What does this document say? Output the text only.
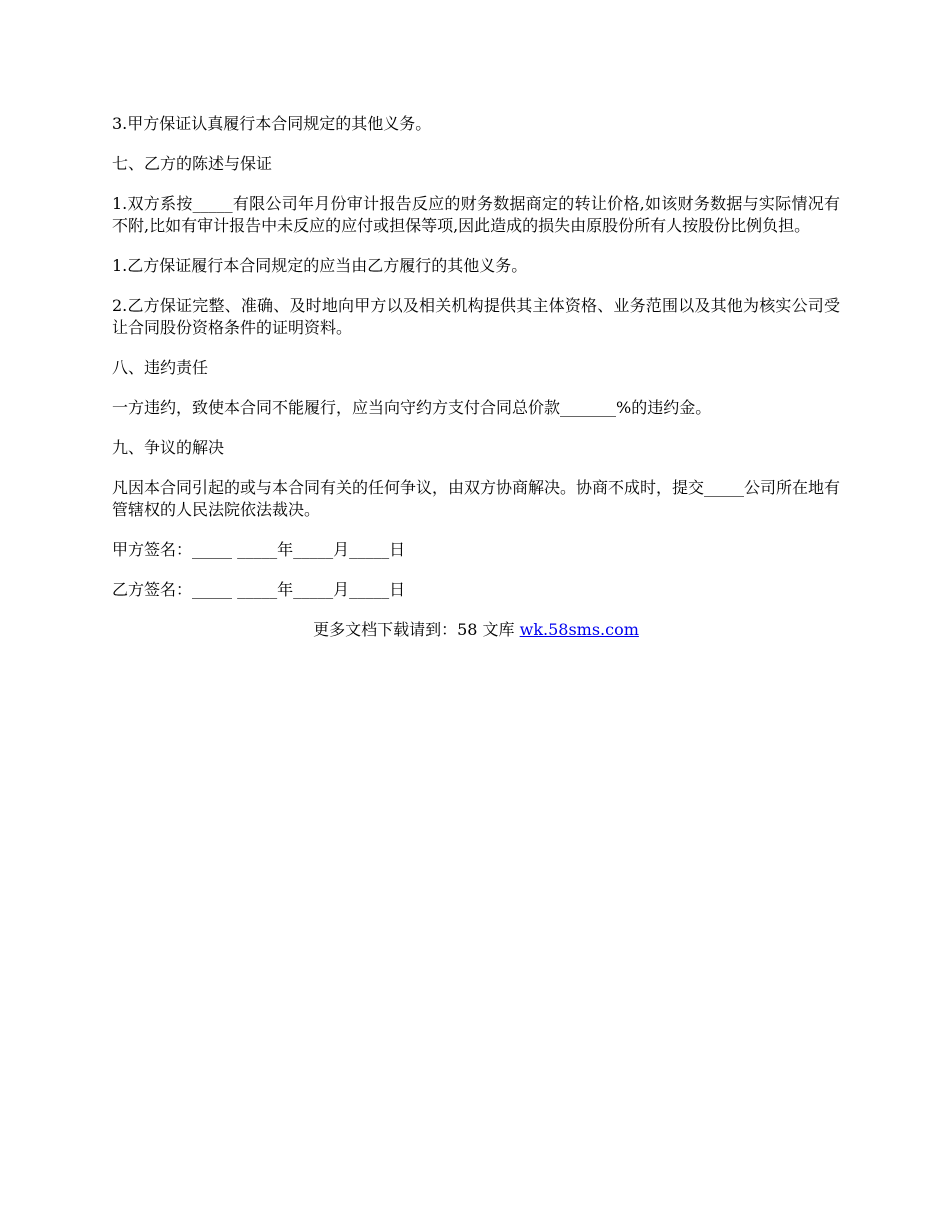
3.甲方保证认真履行本合同规定的其他义务。

七、乙方的陈述与保证

1.双方系按_____有限公司年月份审计报告反应的财务数据商定的转让价格,如该财务数据与实际情况有不附,比如有审计报告中未反应的应付或担保等项,因此造成的损失由原股份所有人按股份比例负担。

1.乙方保证履行本合同规定的应当由乙方履行的其他义务。

2.乙方保证完整、准确、及时地向甲方以及相关机构提供其主体资格、业务范围以及其他为核实公司受让合同股份资格条件的证明资料。

八、违约责任

一方违约，致使本合同不能履行，应当向守约方支付合同总价款_______%的违约金。

九、争议的解决

凡因本合同引起的或与本合同有关的任何争议，由双方协商解决。协商不成时，提交_____公司所在地有管辖权的人民法院依法裁决。

甲方签名：_____ _____年_____月_____日

乙方签名：_____ _____年_____月_____日

更多文档下载请到：58 文库 wk.58sms.com
